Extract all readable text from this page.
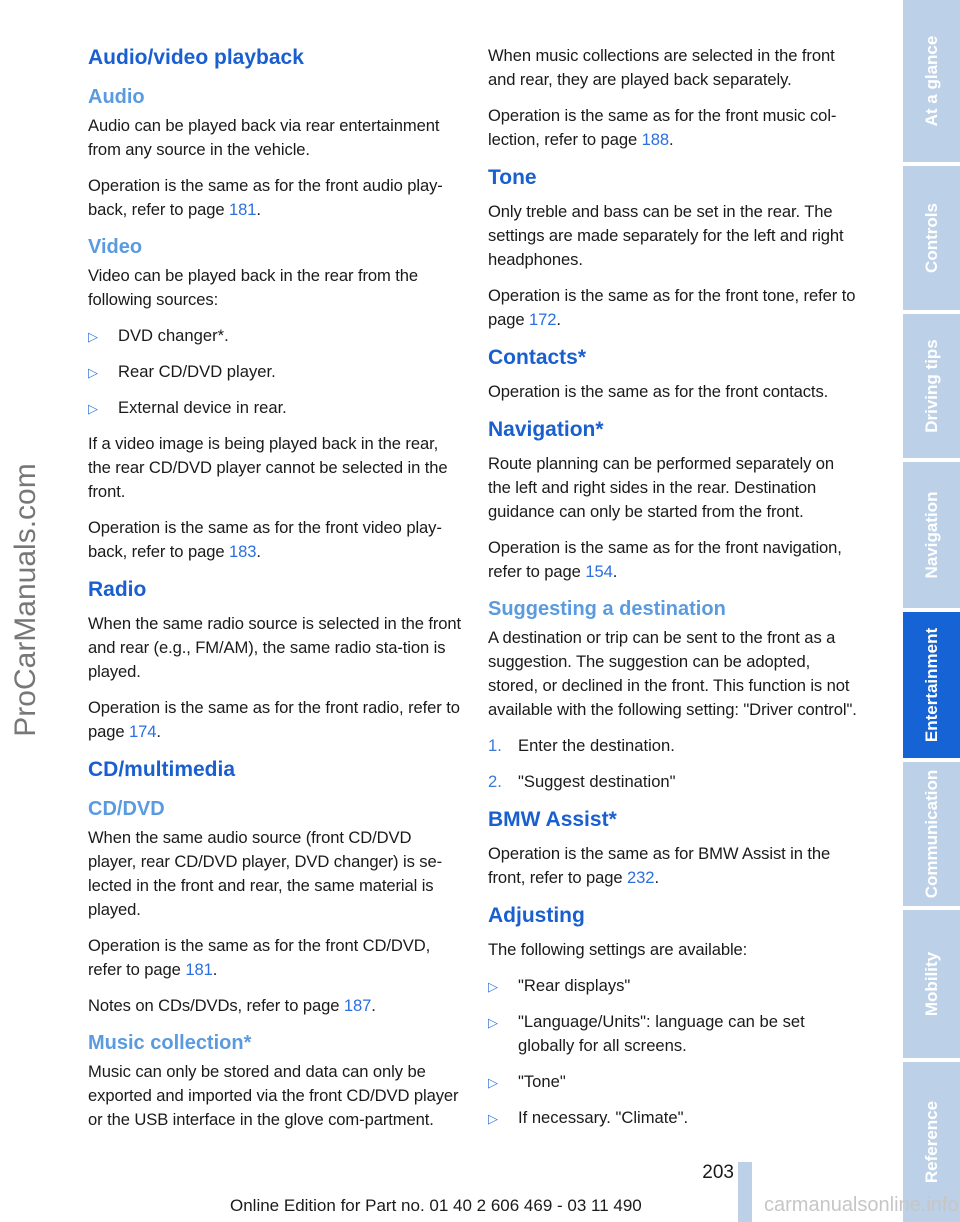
ProCarManuals.com
Audio/video playback
Audio

Audio can be played back via rear entertainment from any source in the vehicle.

Operation is the same as for the front audio play-back, refer to page 181.

Video

Video can be played back in the rear from the following sources:

▷ DVD changer*.
▷ Rear CD/DVD player.
▷ External device in rear.

If a video image is being played back in the rear, the rear CD/DVD player cannot be selected in the front.

Operation is the same as for the front video play-back, refer to page 183.

Radio

When the same radio source is selected in the front and rear (e.g., FM/AM), the same radio sta-tion is played.

Operation is the same as for the front radio, refer to page 174.

CD/multimedia
CD/DVD

When the same audio source (front CD/DVD player, rear CD/DVD player, DVD changer) is se-lected in the front and rear, the same material is played.

Operation is the same as for the front CD/DVD, refer to page 181.

Notes on CDs/DVDs, refer to page 187.

Music collection*

Music can only be stored and data can only be exported and imported via the front CD/DVD player or the USB interface in the glove com-partment.

When music collections are selected in the front and rear, they are played back separately.

Operation is the same as for the front music col-lection, refer to page 188.

Tone

Only treble and bass can be set in the rear. The settings are made separately for the left and right headphones.

Operation is the same as for the front tone, refer to page 172.

Contacts*

Operation is the same as for the front contacts.

Navigation*

Route planning can be performed separately on the left and right sides in the rear. Destination guidance can only be started from the front.

Operation is the same as for the front navigation, refer to page 154.

Suggesting a destination

A destination or trip can be sent to the front as a suggestion. The suggestion can be adopted, stored, or declined in the front. This function is not available with the following setting: "Driver control".

1. Enter the destination.
2. "Suggest destination"
BMW Assist*

Operation is the same as for BMW Assist in the front, refer to page 232.

Adjusting

The following settings are available:

▷ "Rear displays"
▷ "Language/Units": language can be set globally for all screens.
▷ "Tone"
▷ If necessary. "Climate".
At a glance
Controls
Driving tips
Navigation
Entertainment
Communication
Mobility
Reference
203
Online Edition for Part no. 01 40 2 606 469 - 03 11 490	carmanualsonline.info
